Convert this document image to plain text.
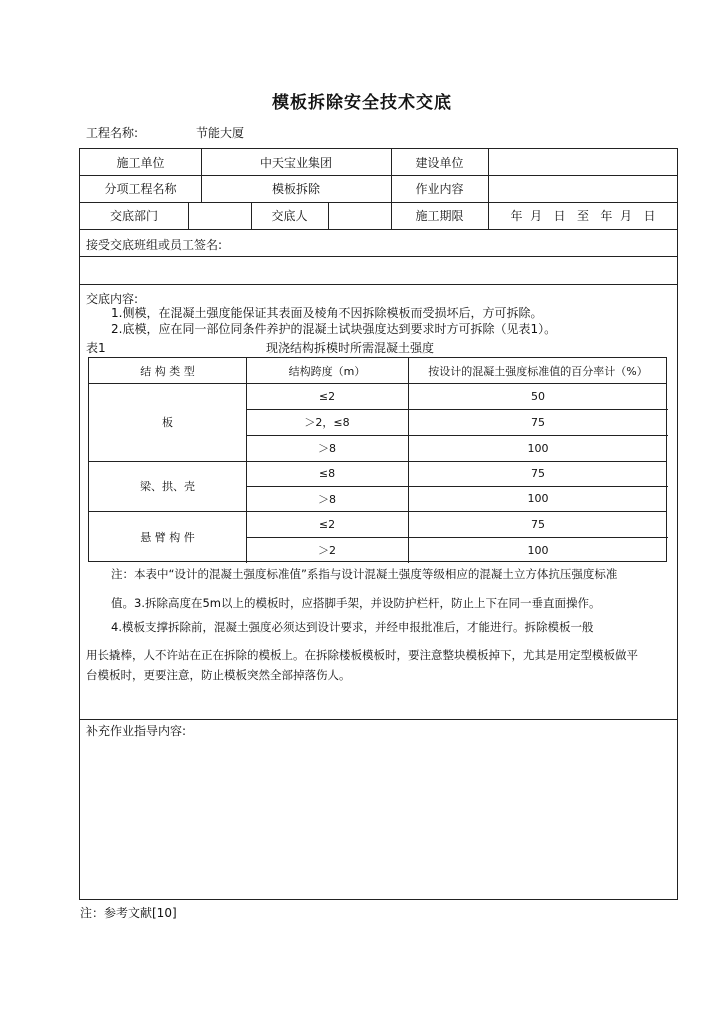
模板拆除安全技术交底
工程名称:	节能大厦
施工单位	中天宝业集团	建设单位
分项工程名称	模板拆除	作业内容
交底部门	交底人	施工期限	年  月   日   至   年  月   日
接受交底班组或员工签名:
交底内容:
1.侧模，在混凝土强度能保证其表面及棱角不因拆除模板而受损坏后，方可拆除。
2.底模，应在同一部位同条件养护的混凝土试块强度达到要求时方可拆除（见表1）。
表1	现浇结构拆模时所需混凝土强度
注：本表中“设计的混凝土强度标准值”系指与设计混凝土强度等级相应的混凝土立方体抗压强度标准
值。3.拆除高度在5m以上的模板时，应搭脚手架，并设防护栏杆，防止上下在同一垂直面操作。
4.模板支撑拆除前，混凝土强度必须达到设计要求，并经申报批准后，才能进行。拆除模板一般
用长撬棒，人不许站在正在拆除的模板上。在拆除楼板模板时，要注意整块模板掉下，尤其是用定型模板做平
台模板时，更要注意，防止模板突然全部掉落伤人。
补充作业指导内容:
结 构 类 型	结构跨度（m）	按设计的混凝土强度标准值的百分率计（%）
板
≤2	50
＞2，≤8	75
＞8	100
梁、拱、壳
≤8	75
＞8	100
悬 臂 构 件
≤2	75
＞2	100
注：参考文献[10]
